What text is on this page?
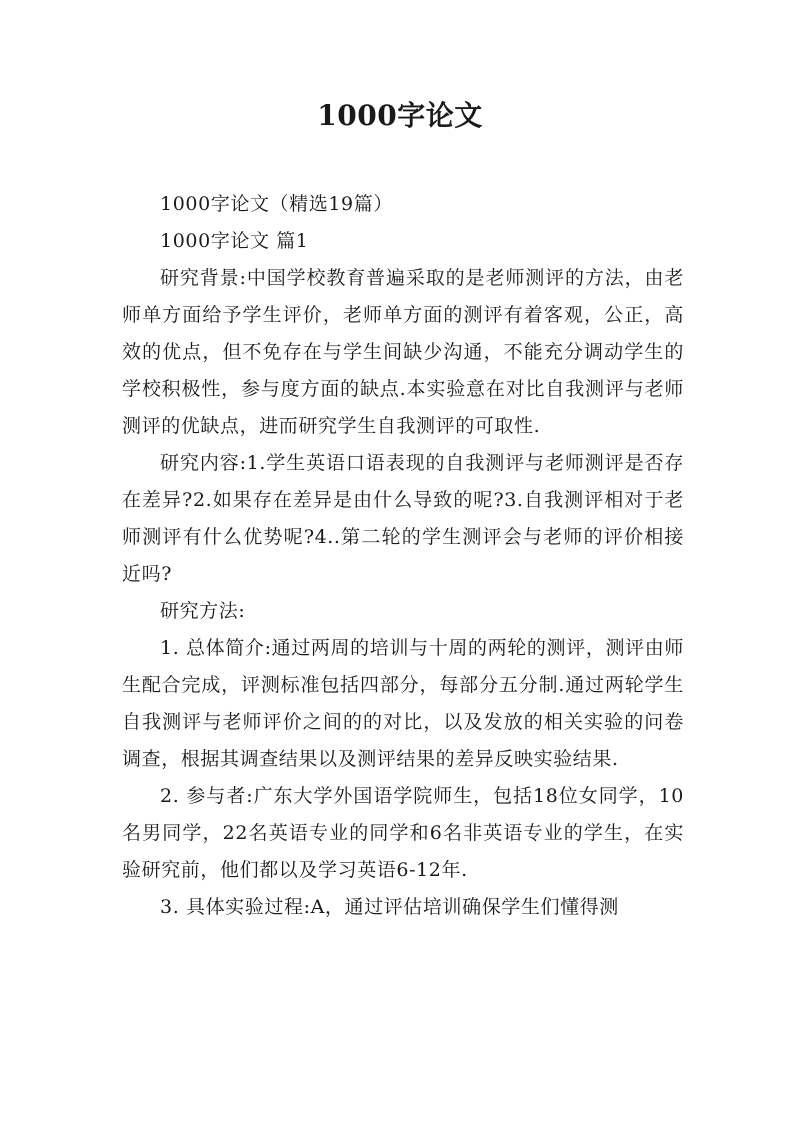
1000字论文

1000字论文（精选19篇）

1000字论文 篇1

研究背景:中国学校教育普遍采取的是老师测评的方法，由老师单方面给予学生评价，老师单方面的测评有着客观，公正，高效的优点，但不免存在与学生间缺少沟通，不能充分调动学生的学校积极性，参与度方面的缺点.本实验意在对比自我测评与老师测评的优缺点，进而研究学生自我测评的可取性.

研究内容:1.学生英语口语表现的自我测评与老师测评是否存在差异?2.如果存在差异是由什么导致的呢?3.自我测评相对于老师测评有什么优势呢?4..第二轮的学生测评会与老师的评价相接近吗?

研究方法:

1. 总体简介:通过两周的培训与十周的两轮的测评，测评由师生配合完成，评测标准包括四部分，每部分五分制.通过两轮学生自我测评与老师评价之间的的对比，以及发放的相关实验的问卷调查，根据其调查结果以及测评结果的差异反映实验结果.

2. 参与者:广东大学外国语学院师生，包括18位女同学，10名男同学，22名英语专业的同学和6名非英语专业的学生，在实验研究前，他们都以及学习英语6-12年.

3. 具体实验过程:A，通过评估培训确保学生们懂得测
